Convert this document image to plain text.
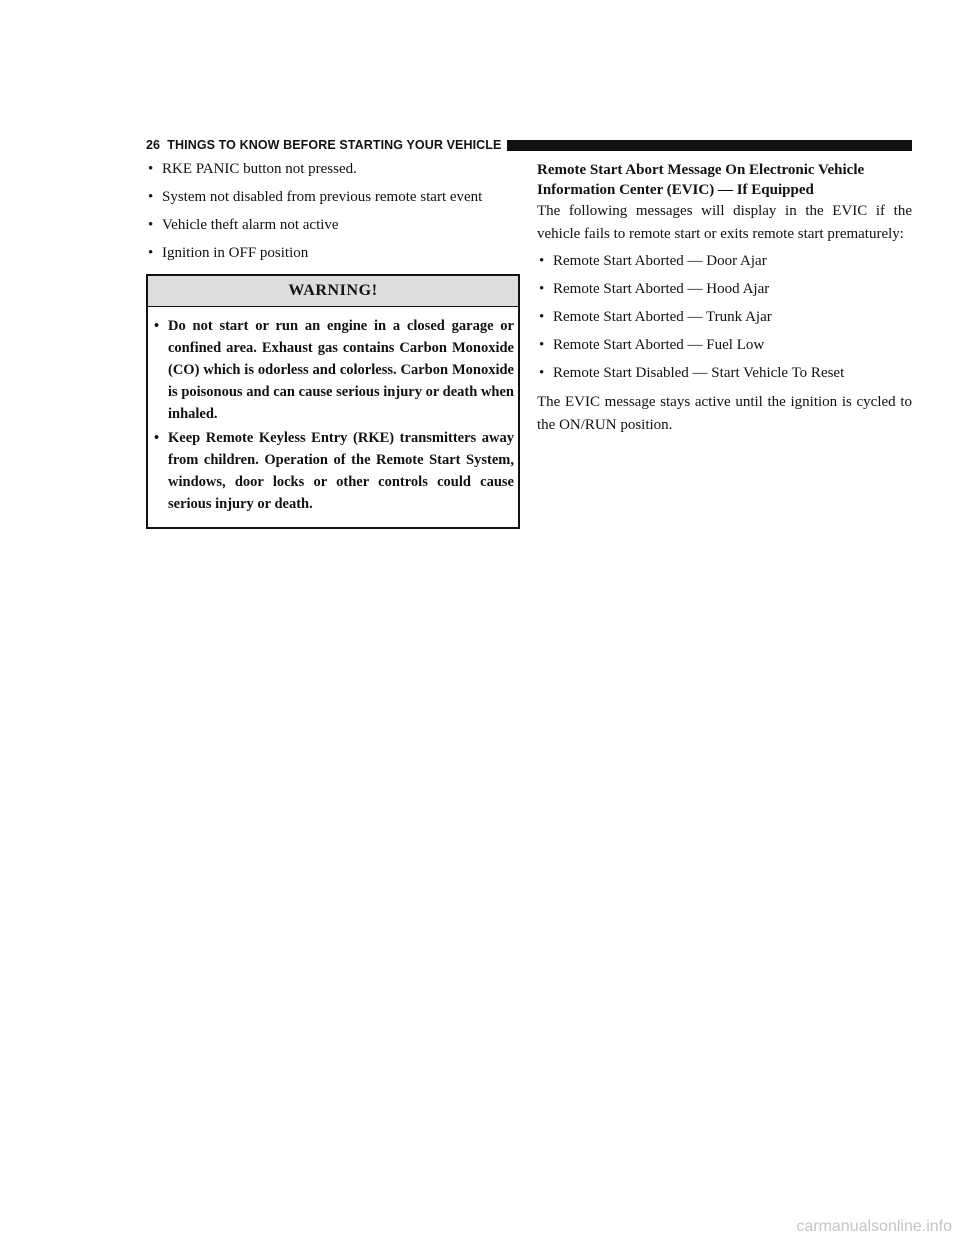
26 THINGS TO KNOW BEFORE STARTING YOUR VEHICLE
• RKE PANIC button not pressed.
• System not disabled from previous remote start event
• Vehicle theft alarm not active
• Ignition in OFF position
WARNING!
• Do not start or run an engine in a closed garage or confined area. Exhaust gas contains Carbon Monoxide (CO) which is odorless and colorless. Carbon Monoxide is poisonous and can cause serious injury or death when inhaled.
• Keep Remote Keyless Entry (RKE) transmitters away from children. Operation of the Remote Start System, windows, door locks or other controls could cause serious injury or death.

Remote Start Abort Message On Electronic Vehicle Information Center (EVIC) — If Equipped

The following messages will display in the EVIC if the vehicle fails to remote start or exits remote start prematurely:

• Remote Start Aborted — Door Ajar
• Remote Start Aborted — Hood Ajar
• Remote Start Aborted — Trunk Ajar
• Remote Start Aborted — Fuel Low
• Remote Start Disabled — Start Vehicle To Reset

The EVIC message stays active until the ignition is cycled to the ON/RUN position.

carmanualsonline.info
